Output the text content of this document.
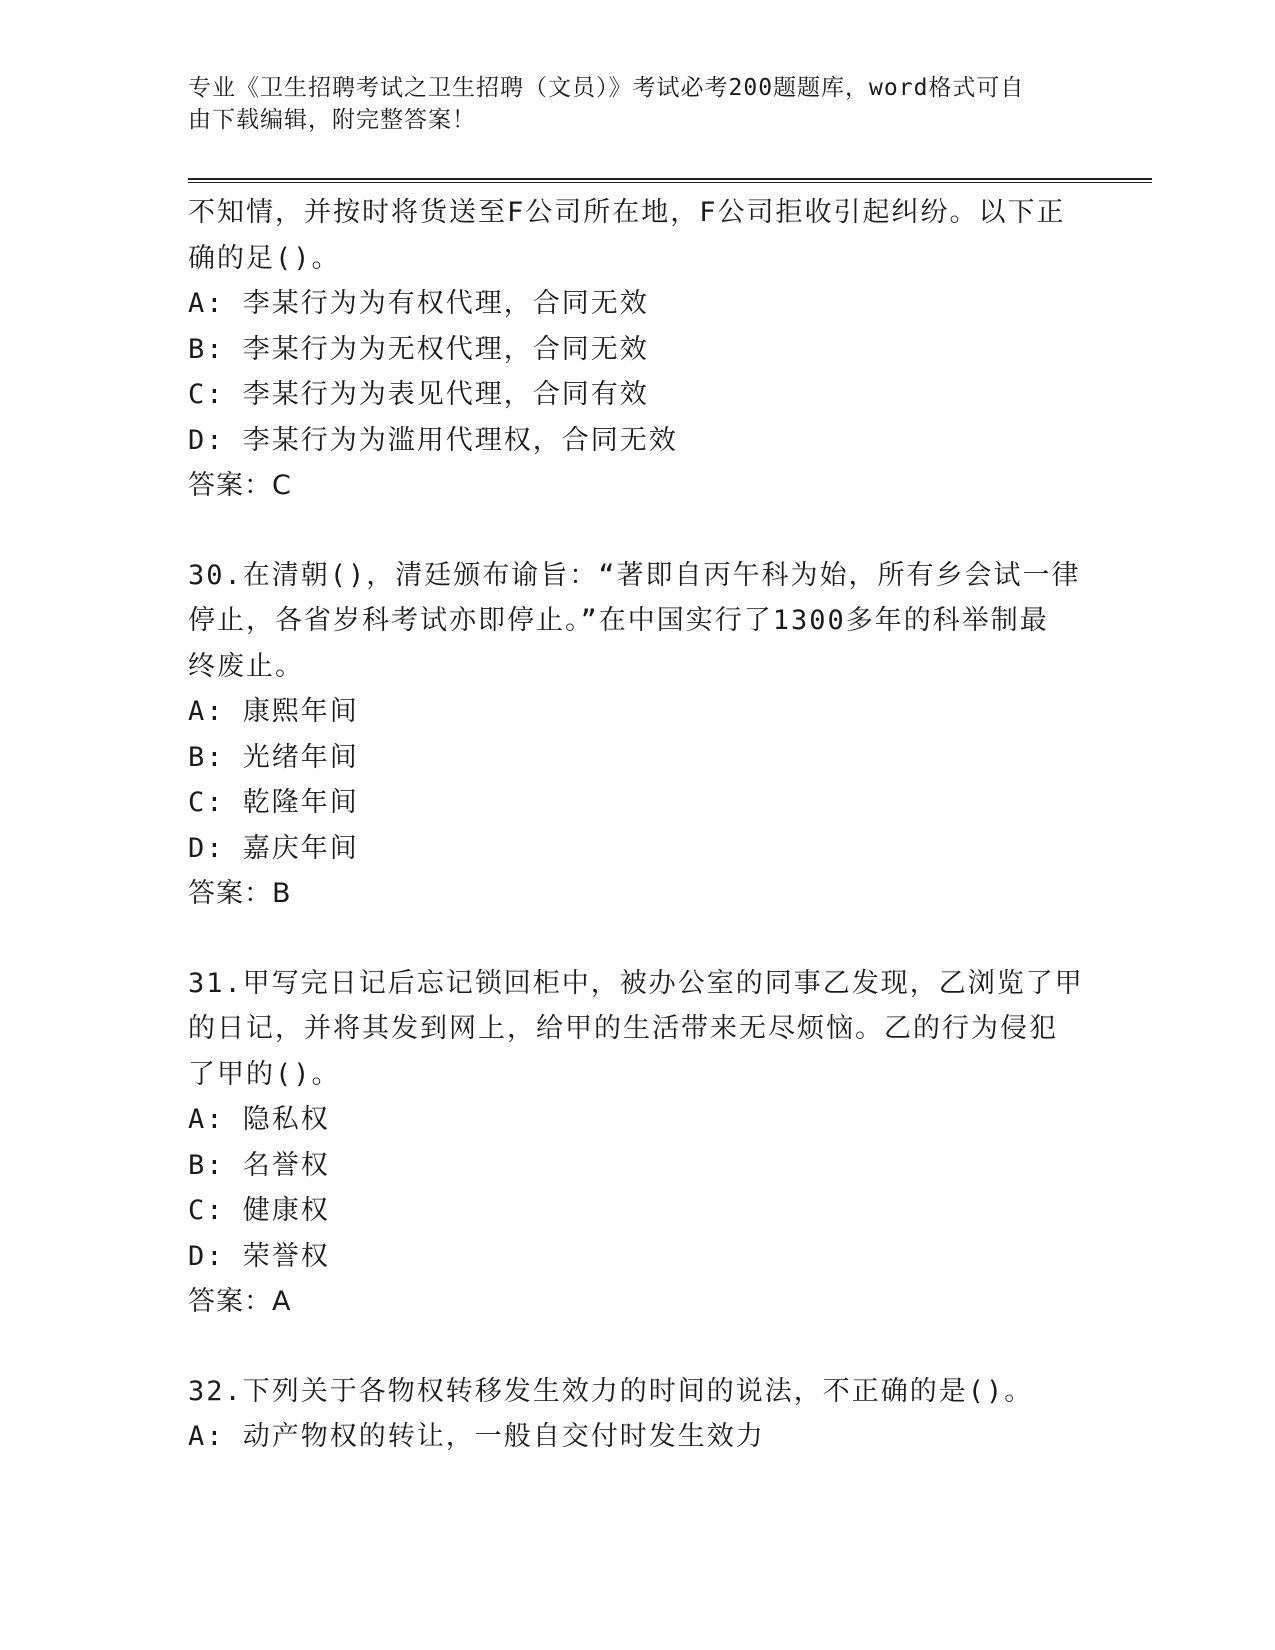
专业《卫生招聘考试之卫生招聘（文员）》考试必考200题题库，word格式可自
由下载编辑，附完整答案！
不知情，并按时将货送至F公司所在地，F公司拒收引起纠纷。以下正
确的足()。
A: 李某行为为有权代理，合同无效
B: 李某行为为无权代理，合同无效
C: 李某行为为表见代理，合同有效
D: 李某行为为滥用代理权，合同无效
答案：C
30.在清朝()，清廷颁布谕旨：“著即自丙午科为始，所有乡会试一律
停止，各省岁科考试亦即停止。”在中国实行了1300多年的科举制最
终废止。
A: 康熙年间
B: 光绪年间
C: 乾隆年间
D: 嘉庆年间
答案：B
31.甲写完日记后忘记锁回柜中，被办公室的同事乙发现，乙浏览了甲
的日记，并将其发到网上，给甲的生活带来无尽烦恼。乙的行为侵犯
了甲的()。
A: 隐私权
B: 名誉权
C: 健康权
D: 荣誉权
答案：A
32.下列关于各物权转移发生效力的时间的说法，不正确的是()。
A: 动产物权的转让，一般自交付时发生效力
